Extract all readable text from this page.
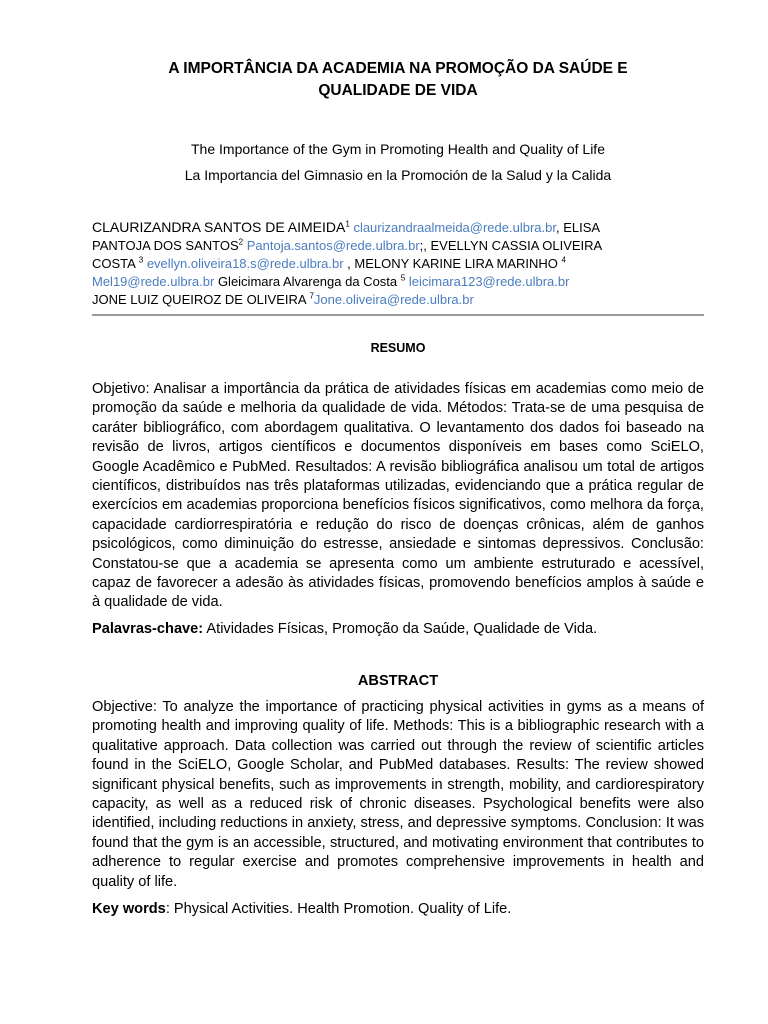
A IMPORTÂNCIA DA ACADEMIA NA PROMOÇÃO DA SAÚDE E
QUALIDADE DE VIDA
The Importance of the Gym in Promoting Health and Quality of Life
La Importancia del Gimnasio en la Promoción de la Salud y la Calida
CLAURIZANDRA SANTOS DE AIMEIDA$^1$ claurizandraalmeida@rede.ulbra.br, ELISA
PANTOJA DOS SANTOS$^2$ Pantoja.santos@rede.ulbra.br;, EVELLYN CASSIA OLIVEIRA
COSTA $^3$ evellyn.oliveira18.s@rede.ulbra.br , MELONY KARINE LIRA MARINHO $^4$
Mel19@rede.ulbra.br Gleicimara Alvarenga da Costa $^5$ leicimara123@rede.ulbra.br
JONE LUIZ QUEIROZ DE OLIVEIRA $^7$Jone.oliveira@rede.ulbra.br
RESUMO
Objetivo: Analisar a importância da prática de atividades físicas em academias como meio de promoção da saúde e melhoria da qualidade de vida. Métodos: Trata-se de uma pesquisa de caráter bibliográfico, com abordagem qualitativa. O levantamento dos dados foi baseado na revisão de livros, artigos científicos e documentos disponíveis em bases como SciELO, Google Acadêmico e PubMed. Resultados: A revisão bibliográfica analisou um total de artigos científicos, distribuídos nas três plataformas utilizadas, evidenciando que a prática regular de exercícios em academias proporciona benefícios físicos significativos, como melhora da força, capacidade cardiorrespiratória e redução do risco de doenças crônicas, além de ganhos psicológicos, como diminuição do estresse, ansiedade e sintomas depressivos. Conclusão: Constatou-se que a academia se apresenta como um ambiente estruturado e acessível, capaz de favorecer a adesão às atividades físicas, promovendo benefícios amplos à saúde e à qualidade de vida.
Palavras-chave: Atividades Físicas, Promoção da Saúde, Qualidade de Vida.
ABSTRACT
Objective: To analyze the importance of practicing physical activities in gyms as a means of promoting health and improving quality of life. Methods: This is a bibliographic research with a qualitative approach. Data collection was carried out through the review of scientific articles found in the SciELO, Google Scholar, and PubMed databases. Results: The review showed significant physical benefits, such as improvements in strength, mobility, and cardiorespiratory capacity, as well as a reduced risk of chronic diseases. Psychological benefits were also identified, including reductions in anxiety, stress, and depressive symptoms. Conclusion: It was found that the gym is an accessible, structured, and motivating environment that contributes to adherence to regular exercise and promotes comprehensive improvements in health and quality of life.
Key words: Physical Activities. Health Promotion. Quality of Life.
